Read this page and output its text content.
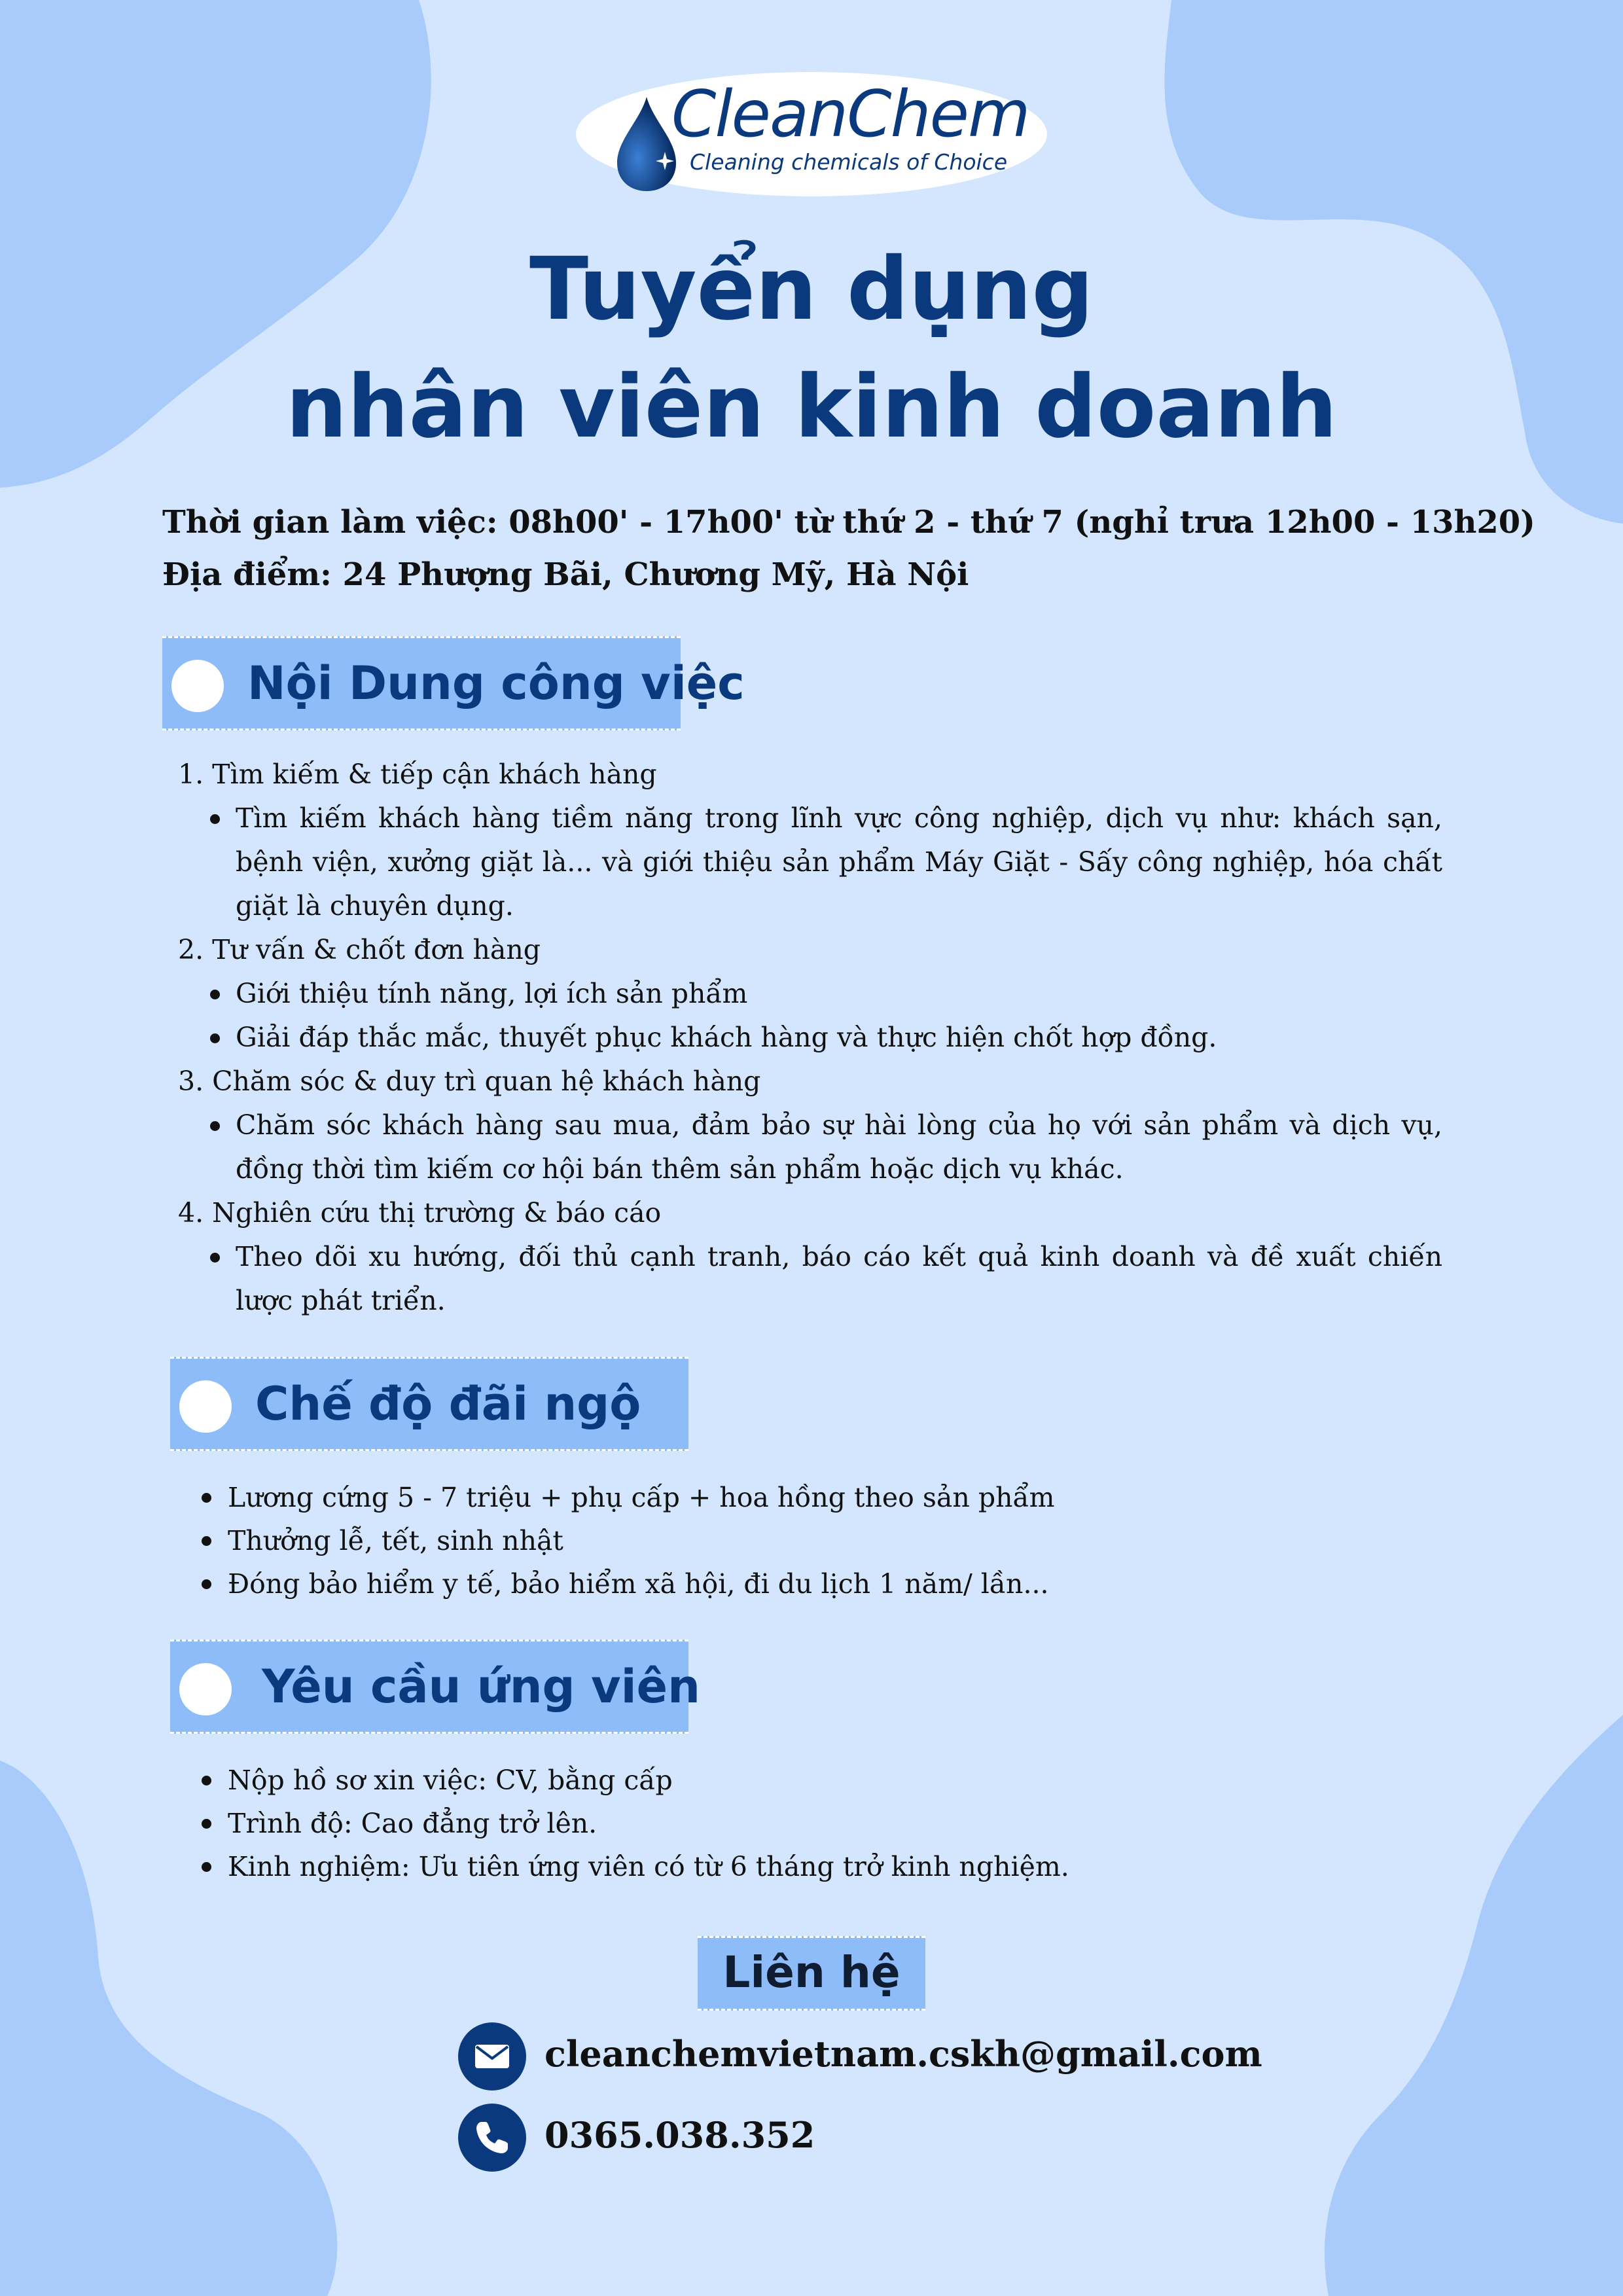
CleanChem
Cleaning chemicals of Choice
Tuyển dụng
nhân viên kinh doanh
Thời gian làm việc: 08h00' - 17h00' từ thứ 2 - thứ 7 (nghỉ trưa 12h00 - 13h20)
Địa điểm: 24 Phượng Bãi, Chương Mỹ, Hà Nội
Nội Dung công việc
1. Tìm kiếm & tiếp cận khách hàng
Tìm kiếm khách hàng tiềm năng trong lĩnh vực công nghiệp, dịch vụ như: khách sạn, bệnh viện, xưởng giặt là... và giới thiệu sản phẩm Máy Giặt - Sấy công nghiệp, hóa chất giặt là chuyên dụng.
2. Tư vấn & chốt đơn hàng
Giới thiệu tính năng, lợi ích sản phẩm
Giải đáp thắc mắc, thuyết phục khách hàng và thực hiện chốt hợp đồng.
3. Chăm sóc & duy trì quan hệ khách hàng
Chăm sóc khách hàng sau mua, đảm bảo sự hài lòng của họ với sản phẩm và dịch vụ, đồng thời tìm kiếm cơ hội bán thêm sản phẩm hoặc dịch vụ khác.
4. Nghiên cứu thị trường & báo cáo
Theo dõi xu hướng, đối thủ cạnh tranh, báo cáo kết quả kinh doanh và đề xuất chiến lược phát triển.
Chế độ đãi ngộ
Lương cứng 5 - 7 triệu + phụ cấp + hoa hồng theo sản phẩm
Thưởng lễ, tết, sinh nhật
Đóng bảo hiểm y tế, bảo hiểm xã hội, đi du lịch 1 năm/ lần...
Yêu cầu ứng viên
Nộp hồ sơ xin việc: CV, bằng cấp
Trình độ: Cao đẳng trở lên.
Kinh nghiệm: Ưu tiên ứng viên có từ 6 tháng trở kinh nghiệm.
Liên hệ
cleanchemvietnam.cskh@gmail.com
0365.038.352
